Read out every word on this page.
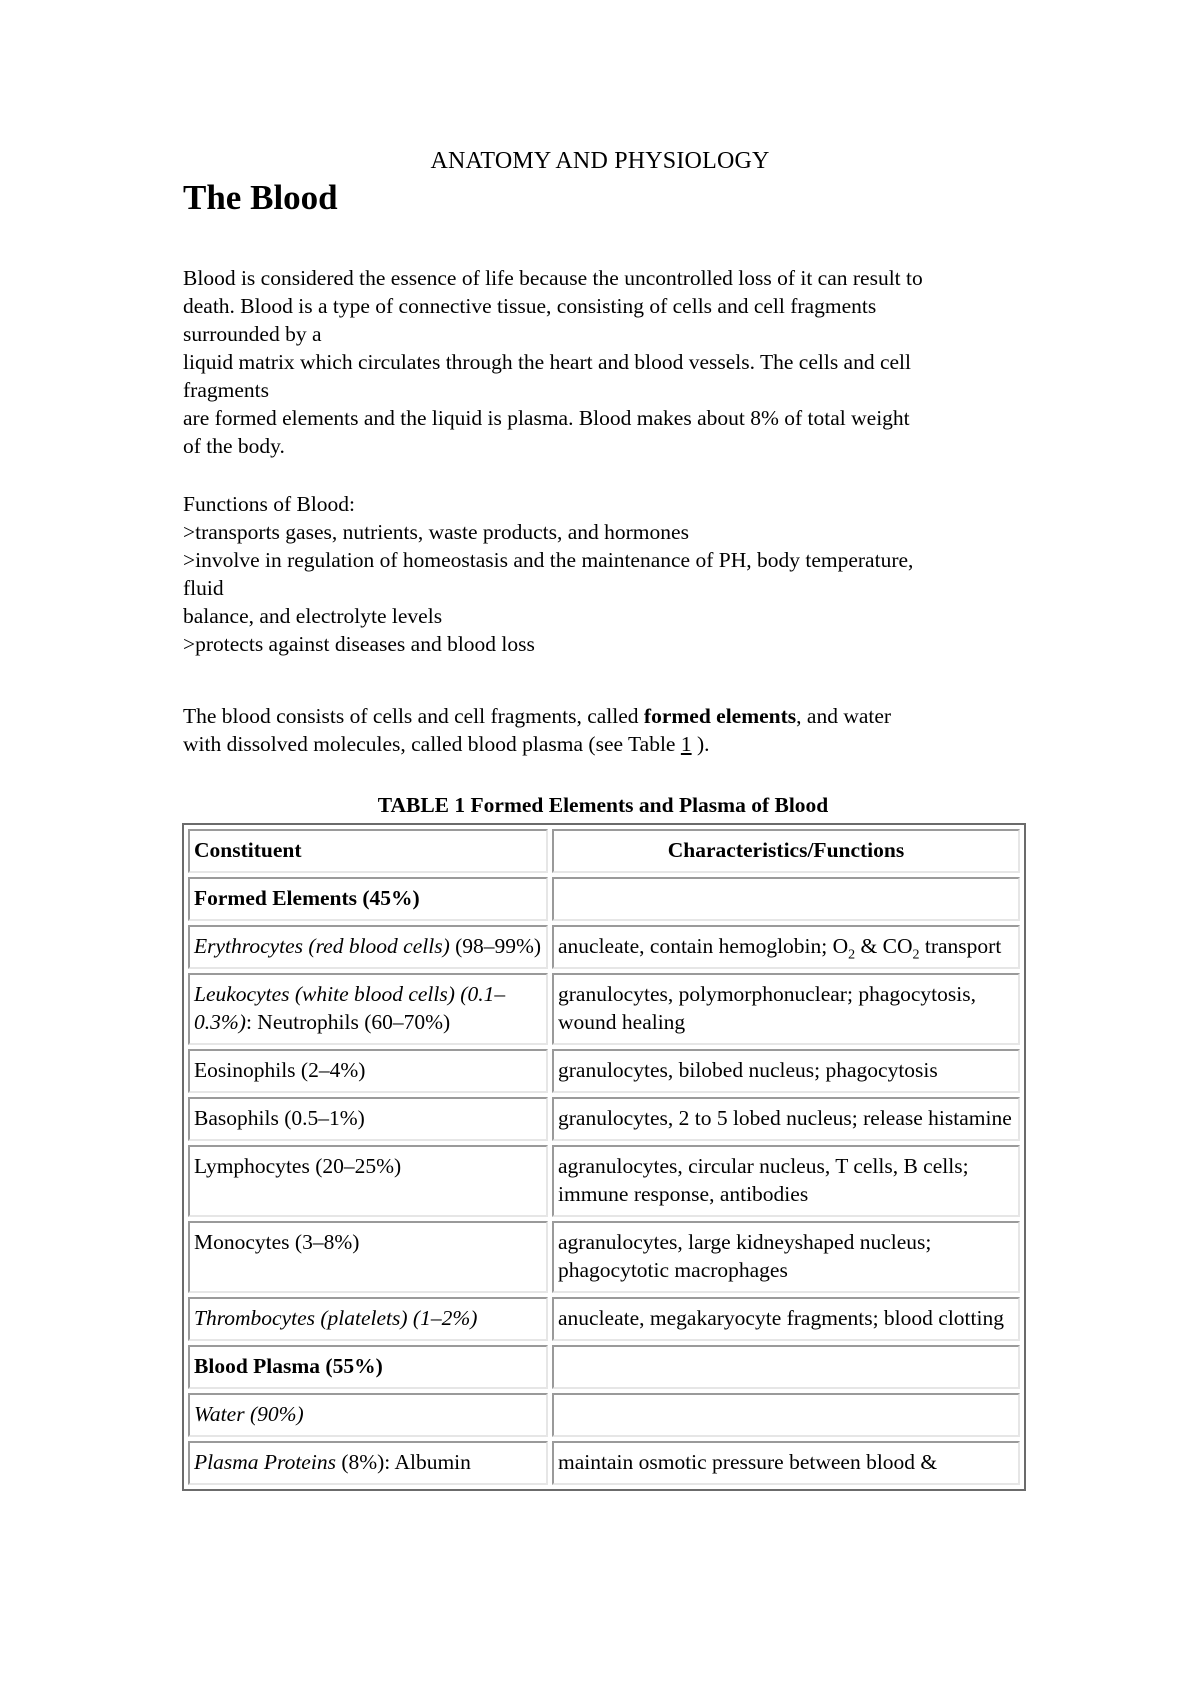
ANATOMY AND PHYSIOLOGY
The Blood
Blood is considered the essence of life because the uncontrolled loss of it can result to
death. Blood is a type of connective tissue, consisting of cells and cell fragments
surrounded by a
liquid matrix which circulates through the heart and blood vessels. The cells and cell
fragments
are formed elements and the liquid is plasma. Blood makes about 8% of total weight
of the body.
Functions of Blood:
>transports gases, nutrients, waste products, and hormones
>involve in regulation of homeostasis and the maintenance of PH, body temperature,
fluid
balance, and electrolyte levels
>protects against diseases and blood loss
The blood consists of cells and cell fragments, called formed elements, and water
with dissolved molecules, called blood plasma (see Table 1 ).
TABLE 1 Formed Elements and Plasma of Blood
Constituent	Characteristics/Functions
Formed Elements (45%)	
Erythrocytes (red blood cells) (98–99%)	anucleate, contain hemoglobin; $O_2$ & $CO_2$ transport
Leukocytes (white blood cells) (0.1–0.3%): Neutrophils (60–70%)	granulocytes, polymorphonuclear; phagocytosis, wound healing
Eosinophils (2–4%)	granulocytes, bilobed nucleus; phagocytosis
Basophils (0.5–1%)	granulocytes, 2 to 5 lobed nucleus; release histamine
Lymphocytes (20–25%)	agranulocytes, circular nucleus, T cells, B cells; immune response, antibodies
Monocytes (3–8%)	agranulocytes, large kidneyshaped nucleus; phagocytotic macrophages
Thrombocytes (platelets) (1–2%)	anucleate, megakaryocyte fragments; blood clotting
Blood Plasma (55%)	
Water (90%)	
Plasma Proteins (8%): Albumin	maintain osmotic pressure between blood &
